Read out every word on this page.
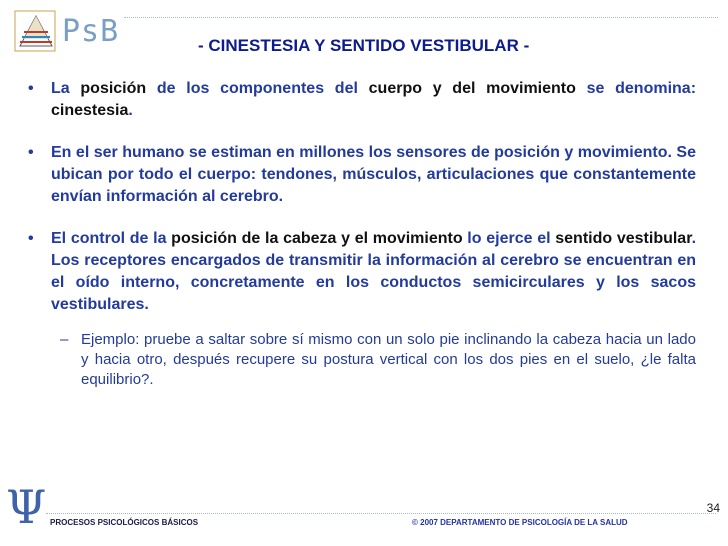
PsB	- CINESTESIA Y SENTIDO VESTIBULAR -
• La posición de los componentes del cuerpo y del movimiento se denomina: cinestesia.
• En el ser humano se estiman en millones los sensores de posición y movimiento. Se ubican por todo el cuerpo: tendones, músculos, articulaciones que constantemente envían información al cerebro.
• El control de la posición de la cabeza y el movimiento lo ejerce el sentido vestibular. Los receptores encargados de transmitir la información al cerebro se encuentran en el oído interno, concretamente en los conductos semicirculares y los sacos vestibulares.
– Ejemplo: pruebe a saltar sobre sí mismo con un solo pie inclinando la cabeza hacia un lado y hacia otro, después recupere su postura vertical con los dos pies en el suelo, ¿le falta equilibrio?.
34
Ψ PROCESOS PSICOLÓGICOS BÁSICOS	© 2007 DEPARTAMENTO DE PSICOLOGÍA DE LA SALUD
